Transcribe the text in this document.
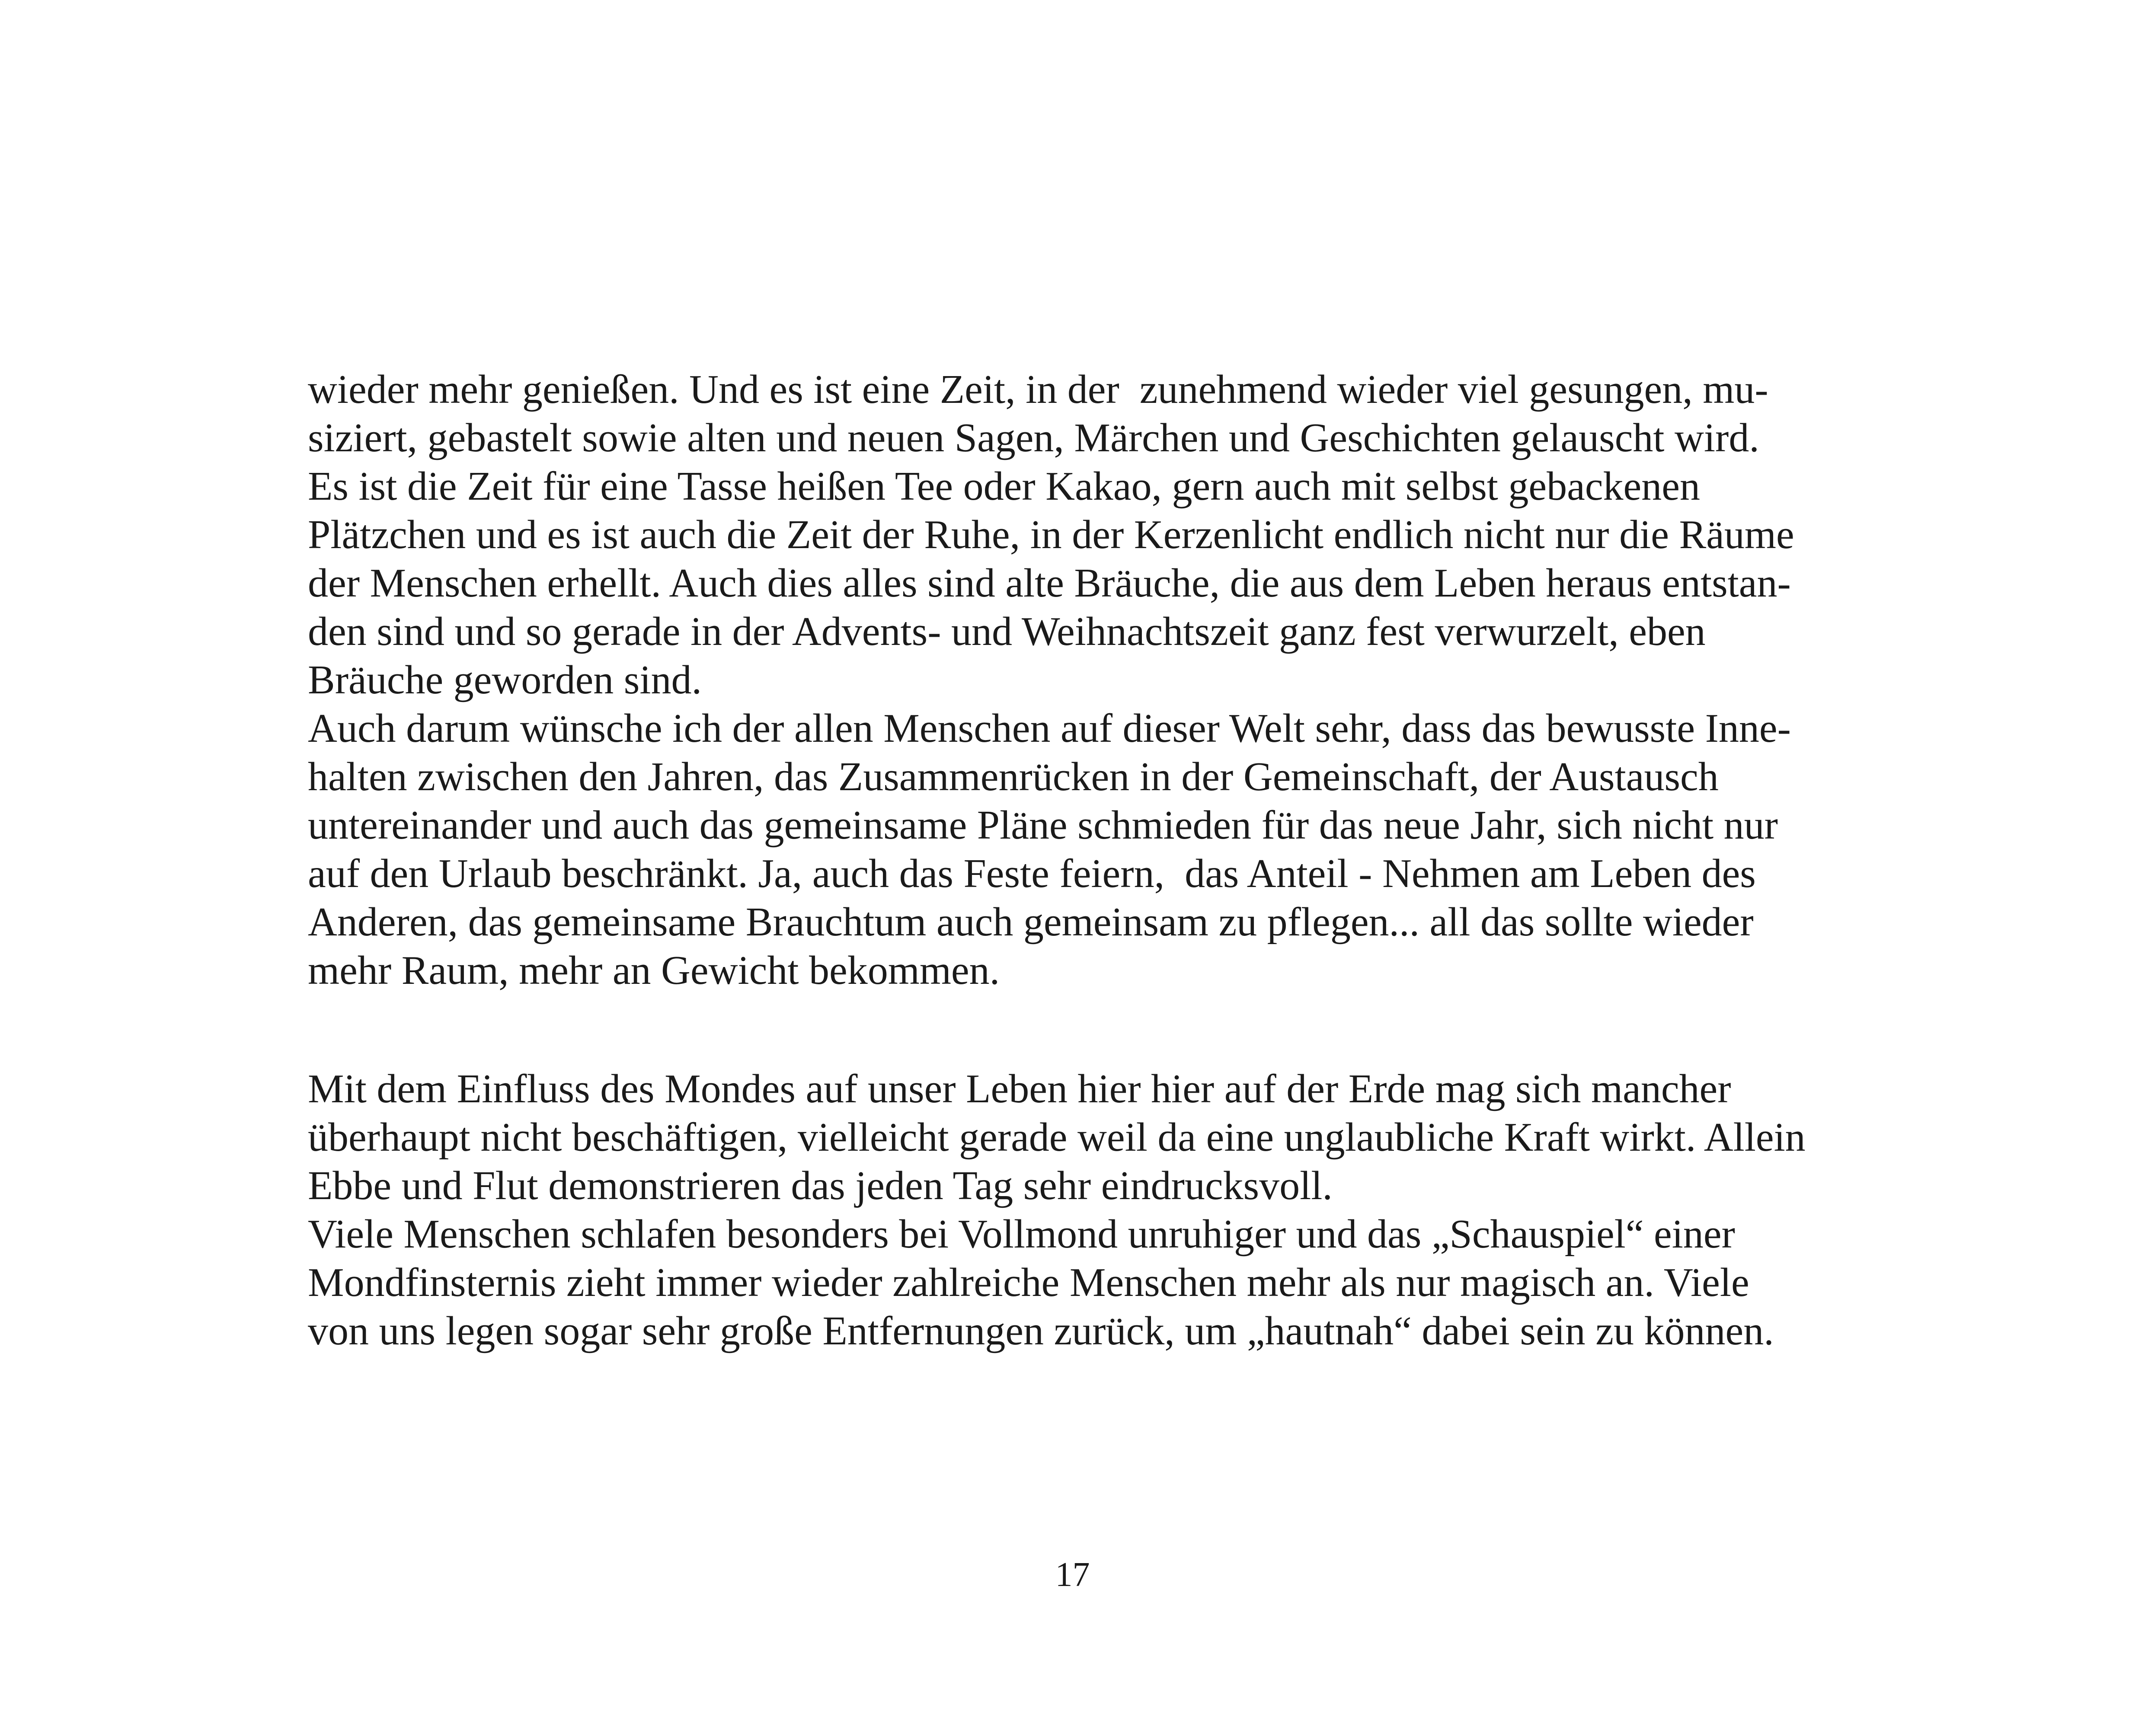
wieder mehr genießen. Und es ist eine Zeit, in der  zunehmend wieder viel gesungen, mu-
siziert, gebastelt sowie alten und neuen Sagen, Märchen und Geschichten gelauscht wird.
Es ist die Zeit für eine Tasse heißen Tee oder Kakao, gern auch mit selbst gebackenen
Plätzchen und es ist auch die Zeit der Ruhe, in der Kerzenlicht endlich nicht nur die Räume
der Menschen erhellt. Auch dies alles sind alte Bräuche, die aus dem Leben heraus entstan-
den sind und so gerade in der Advents- und Weihnachtszeit ganz fest verwurzelt, eben
Bräuche geworden sind.
Auch darum wünsche ich der allen Menschen auf dieser Welt sehr, dass das bewusste Inne-
halten zwischen den Jahren, das Zusammenrücken in der Gemeinschaft, der Austausch
untereinander und auch das gemeinsame Pläne schmieden für das neue Jahr, sich nicht nur
auf den Urlaub beschränkt. Ja, auch das Feste feiern,  das Anteil - Nehmen am Leben des
Anderen, das gemeinsame Brauchtum auch gemeinsam zu pflegen... all das sollte wieder
mehr Raum, mehr an Gewicht bekommen.
Mit dem Einfluss des Mondes auf unser Leben hier hier auf der Erde mag sich mancher
überhaupt nicht beschäftigen, vielleicht gerade weil da eine unglaubliche Kraft wirkt. Allein
Ebbe und Flut demonstrieren das jeden Tag sehr eindrucksvoll.
Viele Menschen schlafen besonders bei Vollmond unruhiger und das „Schauspiel“ einer
Mondfinsternis zieht immer wieder zahlreiche Menschen mehr als nur magisch an. Viele
von uns legen sogar sehr große Entfernungen zurück, um „hautnah“ dabei sein zu können.
17
